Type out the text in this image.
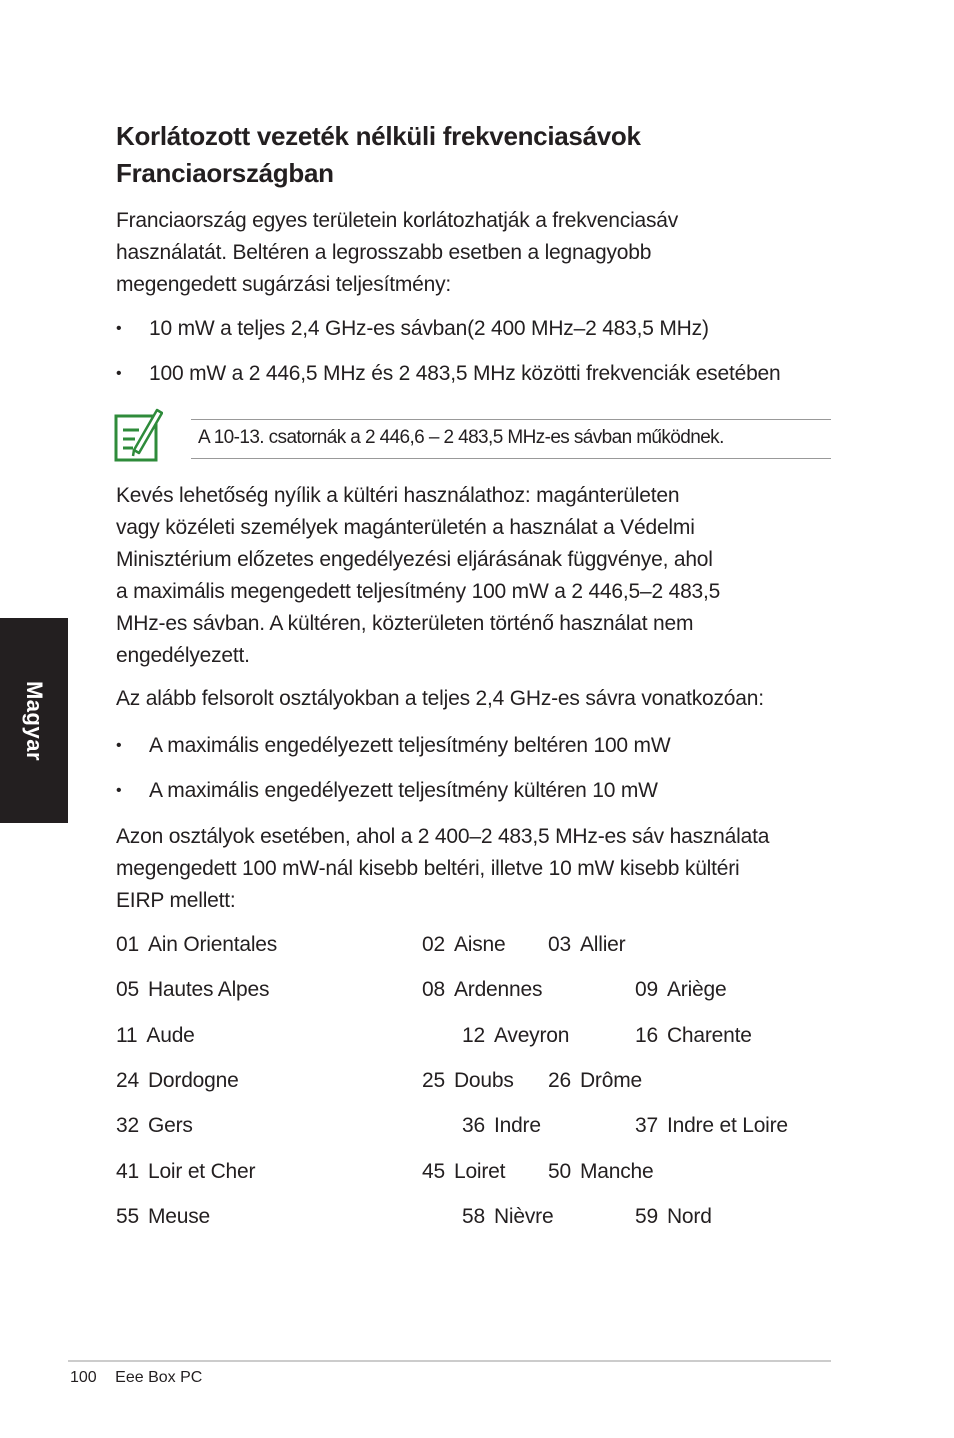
Korlátozott vezeték nélküli frekvenciasávok
Franciaországban

Franciaország egyes területein korlátozhatják a frekvenciasáv
használatát. Beltéren a legrosszabb esetben a legnagyobb
megengedett sugárzási teljesítmény:

• 10 mW a teljes 2,4 GHz-es sávban(2 400 MHz–2 483,5 MHz)
• 100 mW a 2 446,5 MHz és 2 483,5 MHz közötti frekvenciák esetében
A 10-13. csatornák a 2 446,6 – 2 483,5 MHz-es sávban működnek.

Kevés lehetőség nyílik a kültéri használathoz: magánterületen
vagy közéleti személyek magánterületén a használat a Védelmi
Minisztérium előzetes engedélyezési eljárásának függvénye, ahol
a maximális megengedett teljesítmény 100 mW a 2 446,5–2 483,5
MHz-es sávban. A kültéren, közterületen történő használat nem
engedélyezett.

Az alább felsorolt osztályokban a teljes 2,4 GHz-es sávra vonatkozóan:

• A maximális engedélyezett teljesítmény beltéren 100 mW
• A maximális engedélyezett teljesítmény kültéren 10 mW

Azon osztályok esetében, ahol a 2 400–2 483,5 MHz-es sáv használata
megengedett 100 mW-nál kisebb beltéri, illetve 10 mW kisebb kültéri
EIRP mellett:

01 Ain Orientales	02 Aisne 03 Allier
05 Hautes Alpes	08 Ardennes	09 Ariège
11 Aude	12 Aveyron	16 Charente
24 Dordogne	25 Doubs 26 Drôme
32 Gers	36 Indre	37 Indre et Loire
41 Loir et Cher	45 Loiret 50 Manche
55 Meuse	58 Nièvre	59 Nord
Magyar
100 Eee Box PC
